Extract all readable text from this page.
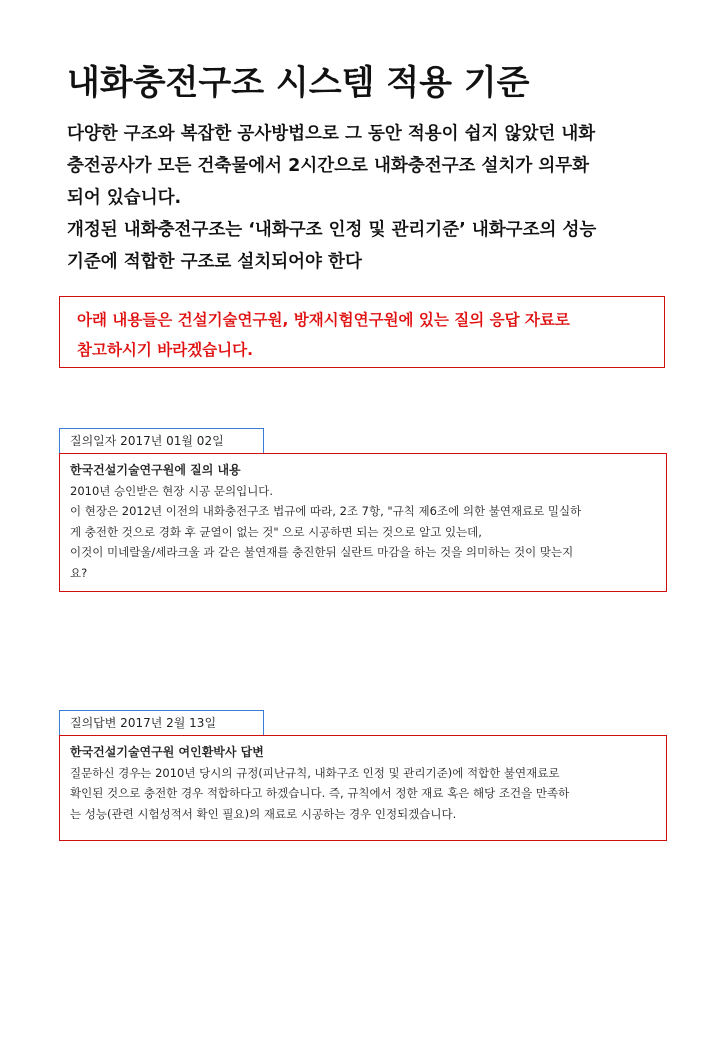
내화충전구조 시스템 적용 기준

다양한 구조와 복잡한 공사방법으로 그 동안 적용이 쉽지 않았던 내화

충전공사가 모든 건축물에서 2시간으로 내화충전구조 설치가 의무화

되어 있습니다.

개정된 내화충전구조는 ‘내화구조 인정 및 관리기준’ 내화구조의 성능

기준에 적합한 구조로 설치되어야 한다

아래 내용들은 건설기술연구원, 방재시험연구원에 있는 질의 응답 자료로

참고하시기 바라겠습니다.

질의일자 2017년 01월 02일

한국건설기술연구원에 질의 내용

2010년 승인받은 현장 시공 문의입니다.

이 현장은 2012년 이전의 내화충전구조 법규에 따라, 2조 7항, "규칙 제6조에 의한 불연재료로 밀실하

게 충전한 것으로 경화 후 균열이 없는 것" 으로 시공하면 되는 것으로 알고 있는데,

이것이 미네랄울/세라크울 과 같은 불연재를 충진한뒤 실란트 마감을 하는 것을 의미하는 것이 맞는지

요?

질의답변 2017년 2월 13일

한국건설기술연구원 여인환박사 답변

질문하신 경우는 2010년 당시의 규정(피난규칙, 내화구조 인정 및 관리기준)에 적합한 불연재료로

확인된 것으로 충전한 경우 적합하다고 하겠습니다. 즉, 규칙에서 정한 재료 혹은 해당 조건을 만족하

는 성능(관련 시험성적서 확인 필요)의 재료로 시공하는 경우 인정되겠습니다.
